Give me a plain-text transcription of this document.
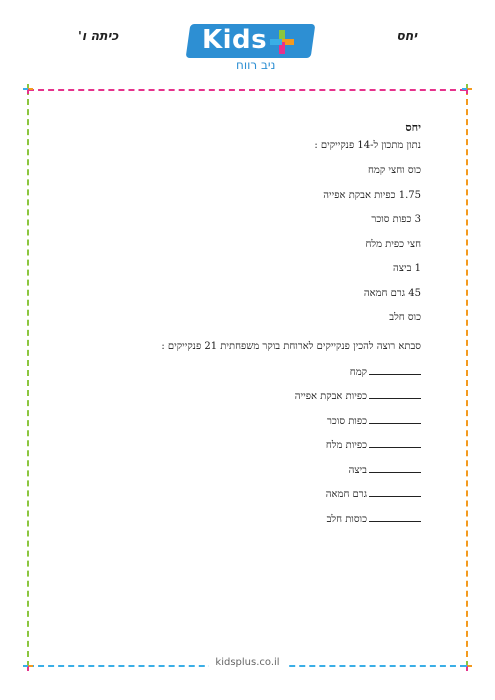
יחס
כיתה ו'	Kids
ניב רווח
kidsplus.co.il
יחס
נתון מתכון ל-14 פנקייקים :
כוס וחצי קמח
1.75 כפיות אבקת אפייה
3 כפות סוכר
חצי כפית מלח
1 ביצה
45 גרם חמאה
כוס חלב
סבתא רוצה להכין פנקייקים לארוחת בוקר משפחתית 21 פנקייקים :
קמח
כפיות אבקת אפייה
כפות סוכר
כפיות מלח
ביצה
גרם חמאה
כוסות חלב
